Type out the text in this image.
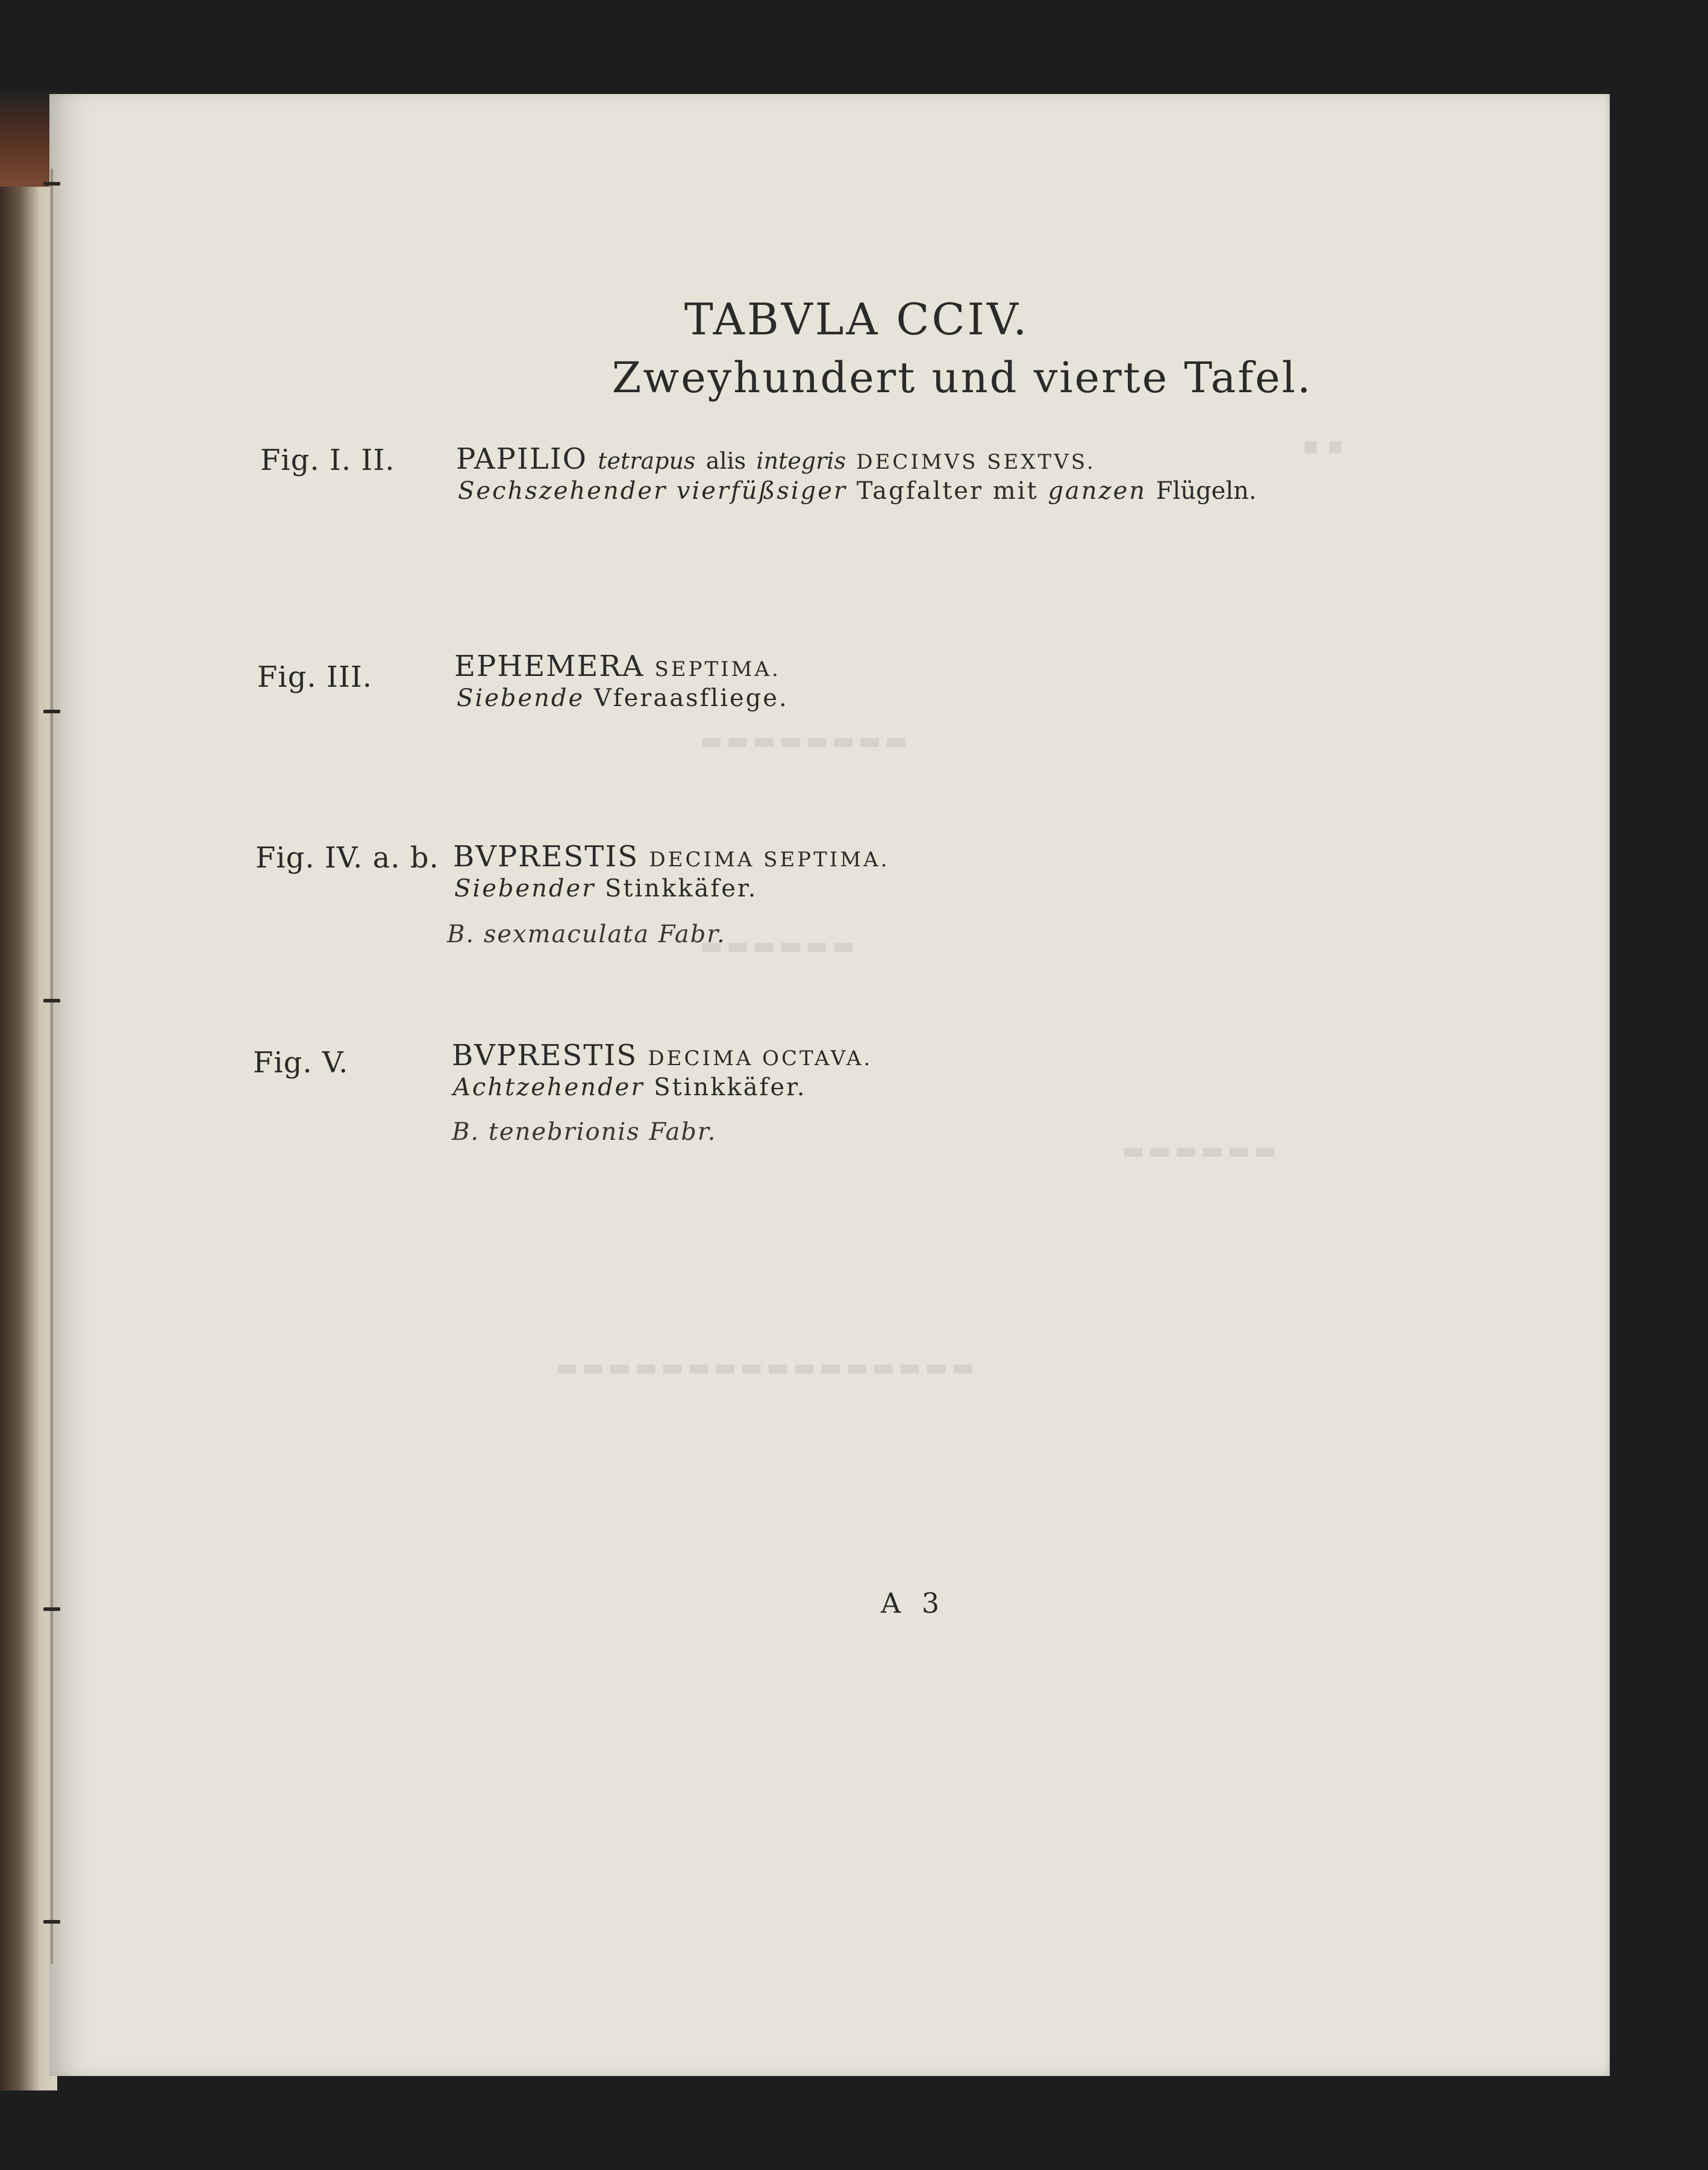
▪ ▪
▬▬▬▬▬▬▬▬
▬▬▬▬▬▬
▬▬▬▬▬▬
▬▬▬▬▬▬▬▬▬▬▬▬▬▬▬▬
TABVLA CCIV.
Zweyhundert und vierte Tafel.
Fig. I. II. PAPILIO tetrapus alis integris DECIMVS SEXTVS.
Sechszehender vierfüßsiger Tagfalter mit ganzen Flügeln.
Fig. III.	EPHEMERA SEPTIMA.
Siebende Vferaasfliege.
Fig. IV. a. b. BVPRESTIS DECIMA SEPTIMA.
Siebender Stinkkäfer.
B. sexmaculata Fabr.
Fig. V.	BVPRESTIS DECIMA OCTAVA.
Achtzehender Stinkkäfer.
B. tenebrionis Fabr.
A 3
